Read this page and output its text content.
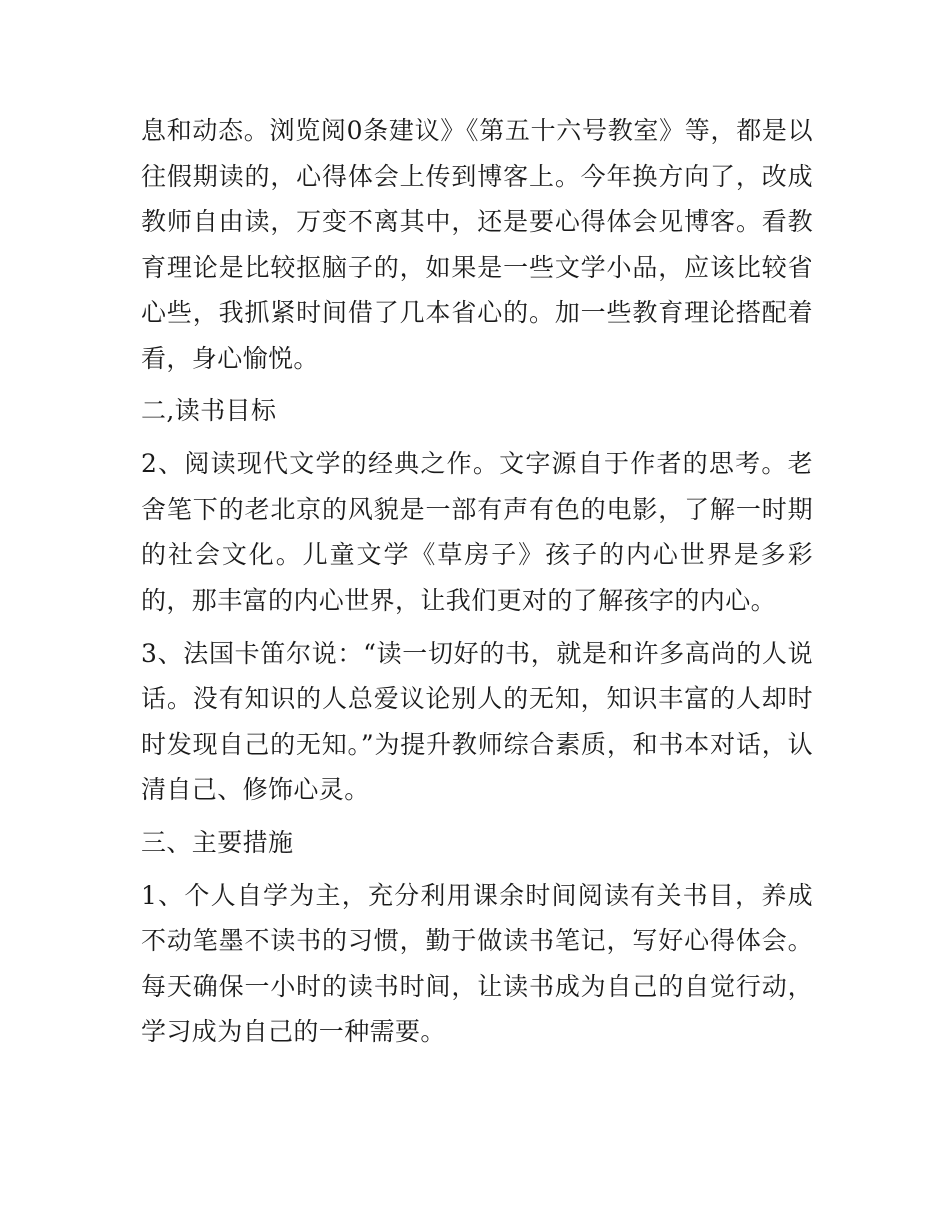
息和动态。浏览阅0条建议》《第五十六号教室》等，都是以往假期读的，心得体会上传到博客上。今年换方向了，改成教师自由读，万变不离其中，还是要心得体会见博客。看教育理论是比较抠脑子的，如果是一些文学小品，应该比较省心些，我抓紧时间借了几本省心的。加一些教育理论搭配着看，身心愉悦。

二,读书目标

2、阅读现代文学的经典之作。文字源自于作者的思考。老舍笔下的老北京的风貌是一部有声有色的电影，了解一时期的社会文化。儿童文学《草房子》孩子的内心世界是多彩的，那丰富的内心世界，让我们更对的了解孩字的内心。

3、法国卡笛尔说：“读一切好的书，就是和许多高尚的人说话。没有知识的人总爱议论别人的无知，知识丰富的人却时时发现自己的无知。”为提升教师综合素质，和书本对话，认清自己、修饰心灵。

三、主要措施

1、个人自学为主，充分利用课余时间阅读有关书目，养成不动笔墨不读书的习惯，勤于做读书笔记，写好心得体会。每天确保一小时的读书时间，让读书成为自己的自觉行动，学习成为自己的一种需要。
